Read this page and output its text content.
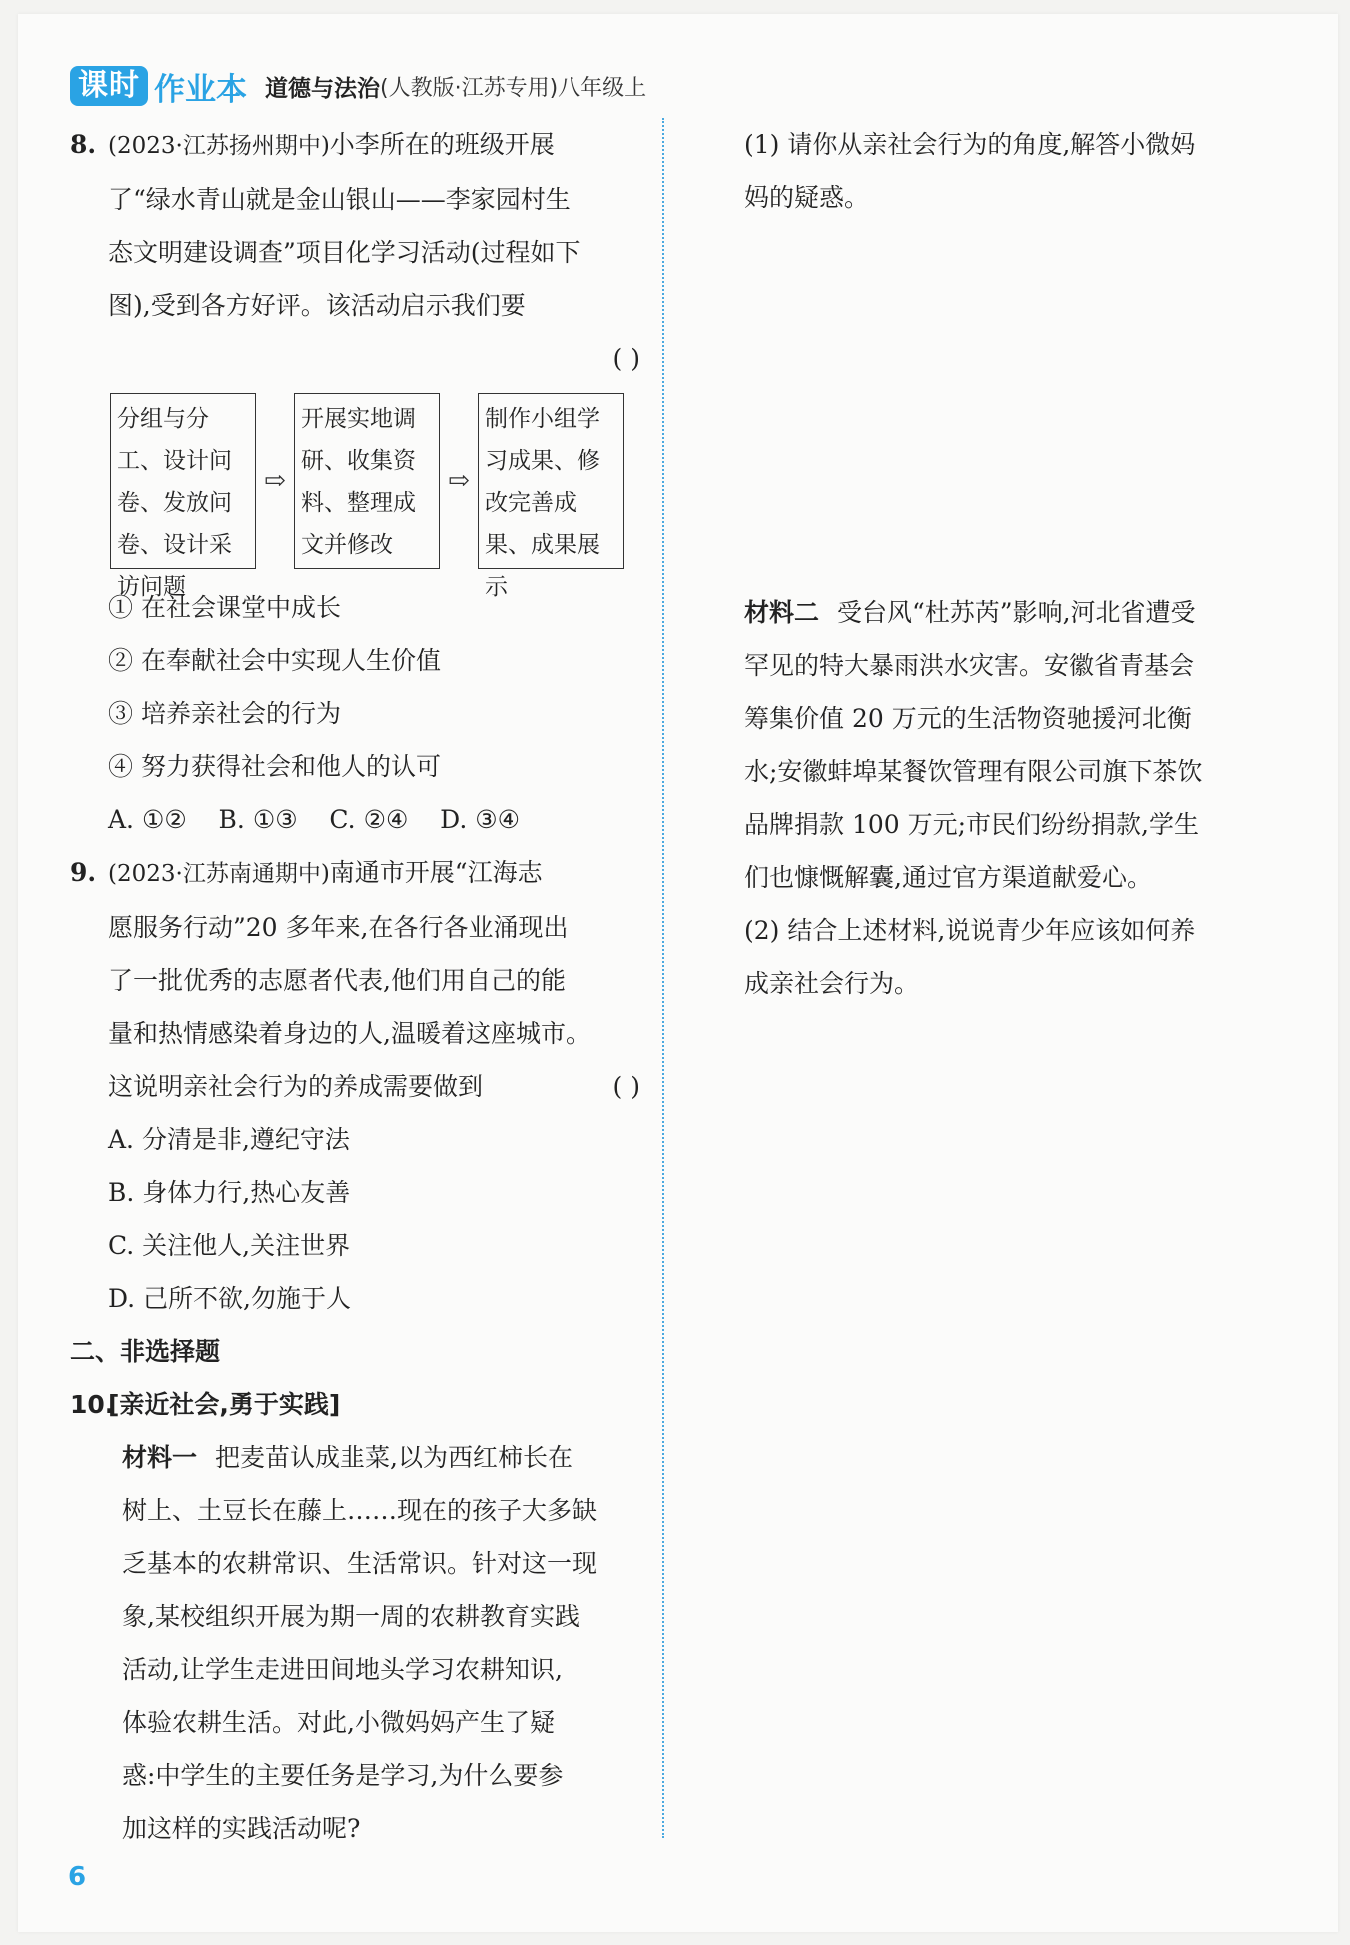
课时 作业本 道德与法治 (人教版·江苏专用)八年级上
8. (2023·江苏扬州期中)小李所在的班级开展
了“绿水青山就是金山银山——李家园村生
态文明建设调查”项目化学习活动(过程如下
图),受到各方好评。该活动启示我们要
( )

分组与分工、设计问卷、发放问卷、设计采访问题
⇨
开展实地调研、收集资料、整理成文并修改
⇨
制作小组学习成果、修改完善成果、成果展示
① 在社会课堂中成长
② 在奉献社会中实现人生价值
③ 培养亲社会的行为
④ 努力获得社会和他人的认可
A. ①②    B. ①③    C. ②④    D. ③④
9. (2023·江苏南通期中)南通市开展“江海志
愿服务行动”20 多年来,在各行各业涌现出
了一批优秀的志愿者代表,他们用自己的能
量和热情感染着身边的人,温暖着这座城市。
这说明亲社会行为的养成需要做到	( )
A. 分清是非,遵纪守法
B. 身体力行,热心友善
C. 关注他人,关注世界
D. 己所不欲,勿施于人
二、非选择题
10.[亲近社会,勇于实践]
材料一 把麦苗认成韭菜,以为西红柿长在
树上、土豆长在藤上……现在的孩子大多缺
乏基本的农耕常识、生活常识。针对这一现
象,某校组织开展为期一周的农耕教育实践
活动,让学生走进田间地头学习农耕知识,
体验农耕生活。对此,小微妈妈产生了疑
惑:中学生的主要任务是学习,为什么要参
加这样的实践活动呢?
(1) 请你从亲社会行为的角度,解答小微妈
妈的疑惑。
材料二 受台风“杜苏芮”影响,河北省遭受
罕见的特大暴雨洪水灾害。安徽省青基会
筹集价值 20 万元的生活物资驰援河北衡
水;安徽蚌埠某餐饮管理有限公司旗下茶饮
品牌捐款 100 万元;市民们纷纷捐款,学生
们也慷慨解囊,通过官方渠道献爱心。
(2) 结合上述材料,说说青少年应该如何养
成亲社会行为。
6
